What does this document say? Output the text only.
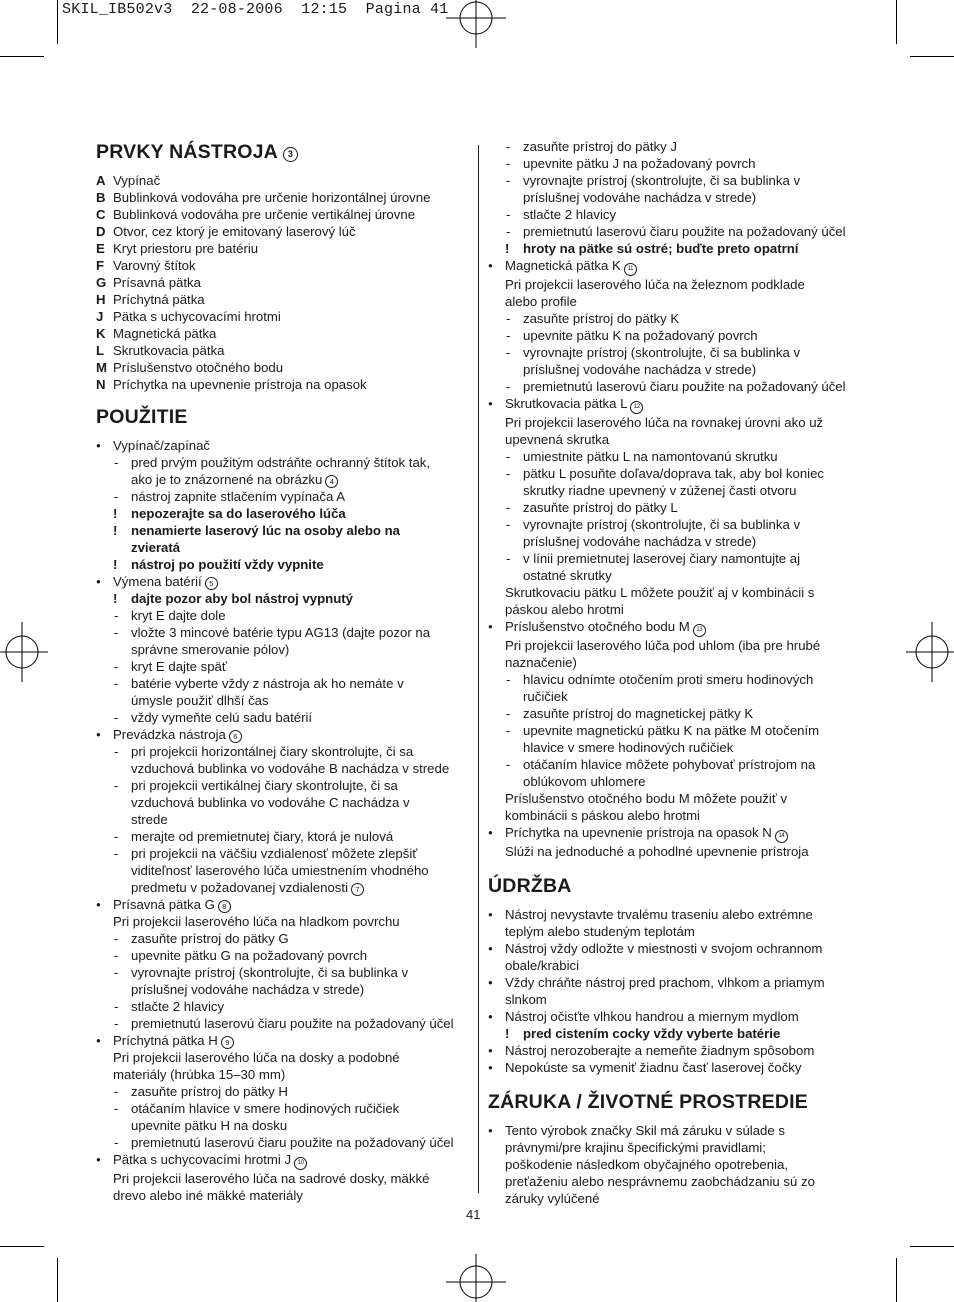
SKIL_IB502v3  22-08-2006  12:15  Pagina 41
PRVKY NÁSTROJA 3
A Vypínač
B Bublinková vodováha pre určenie horizontálnej úrovne
C Bublinková vodováha pre určenie vertikálnej úrovne
D Otvor, cez ktorý je emitovaný laserový lúč
E Kryt priestoru pre batériu
F Varovný štítok
G Prísavná pätka
H Príchytná pätka
J Pätka s uchycovacími hrotmi
K Magnetická pätka
L Skrutkovacia pätka
M Príslušenstvo otočného bodu
N Príchytka na upevnenie prístroja na opasok
POUŽITIE
● Vypínač/zapínač
- pred prvým použitým odstráňte ochranný štítok tak,
ako je to znázornené na obrázku 4
- nástroj zapnite stlačením vypínača A
! nepozerajte sa do laserového lúča
! nenamierte laserový lúc na osoby alebo na
zvieratá
! nástroj po použití vždy vypnite
● Výmena batérií 5
! dajte pozor aby bol nástroj vypnutý
- kryt E dajte dole
- vložte 3 mincové batérie typu AG13 (dajte pozor na
správne smerovanie pólov)
- kryt E dajte späť
- batérie vyberte vždy z nástroja ak ho nemáte v
úmysle použiť dlhší čas
- vždy vymeňte celú sadu batérií
● Prevádzka nástroja 6
- pri projekcii horizontálnej čiary skontrolujte, či sa
vzduchová bublinka vo vodováhe B nachádza v strede
- pri projekcii vertikálnej čiary skontrolujte, či sa
vzduchová bublinka vo vodováhe C nachádza v
strede
- merajte od premietnutej čiary, ktorá je nulová
- pri projekcii na väčšiu vzdialenosť môžete zlepšiť
viditeľnosť laserového lúča umiestnením vhodného
predmetu v požadovanej vzdialenosti 7
● Prísavná pätka G 8
Pri projekcii laserového lúča na hladkom povrchu
- zasuňte prístroj do pätky G
- upevnite pätku G na požadovaný povrch
- vyrovnajte prístroj (skontrolujte, či sa bublinka v
príslušnej vodováhe nachádza v strede)
- stlačte 2 hlavicy
- premietnutú laserovú čiaru použite na požadovaný účel
● Príchytná pätka H 9
Pri projekcii laserového lúča na dosky a podobné
materiály (hrúbka 15–30 mm)
- zasuňte prístroj do pätky H
- otáčaním hlavice v smere hodinových ručičiek
upevnite pätku H na dosku
- premietnutú laserovú čiaru použite na požadovaný účel
● Pätka s uchycovacími hrotmi J 10
Pri projekcii laserového lúča na sadrové dosky, mäkké
drevo alebo iné mäkké materiály
- zasuňte prístroj do pätky J
- upevnite pätku J na požadovaný povrch
- vyrovnajte prístroj (skontrolujte, či sa bublinka v
príslušnej vodováhe nachádza v strede)
- stlačte 2 hlavicy
- premietnutú laserovú čiaru použite na požadovaný účel
! hroty na pätke sú ostré; buďte preto opatrní
● Magnetická pätka K 11
Pri projekcii laserového lúča na železnom podklade
alebo profile
- zasuňte prístroj do pätky K
- upevnite pätku K na požadovaný povrch
- vyrovnajte prístroj (skontrolujte, či sa bublinka v
príslušnej vodováhe nachádza v strede)
- premietnutú laserovú čiaru použite na požadovaný účel
● Skrutkovacia pätka L 12
Pri projekcii laserového lúča na rovnakej úrovni ako už
upevnená skrutka
- umiestnite pätku L na namontovanú skrutku
- pätku L posuňte doľava/doprava tak, aby bol koniec
skrutky riadne upevnený v zúženej časti otvoru
- zasuňte prístroj do pätky L
- vyrovnajte prístroj (skontrolujte, či sa bublinka v
príslušnej vodováhe nachádza v strede)
- v línii premietnutej laserovej čiary namontujte aj
ostatné skrutky
Skrutkovaciu pätku L môžete použiť aj v kombinácii s
páskou alebo hrotmi
● Príslušenstvo otočného bodu M 13
Pri projekcii laserového lúča pod uhlom (iba pre hrubé
naznačenie)
- hlavicu odnímte otočením proti smeru hodinových
ručičiek
- zasuňte prístroj do magnetickej pätky K
- upevnite magnetickú pätku K na pätke M otočením
hlavice v smere hodinových ručičiek
- otáčaním hlavice môžete pohybovať prístrojom na
oblúkovom uhlomere
Príslušenstvo otočného bodu M môžete použiť v
kombinácii s páskou alebo hrotmi
● Príchytka na upevnenie prístroja na opasok N 14
Slúži na jednoduché a pohodlné upevnenie prístroja
ÚDRŽBA
● Nástroj nevystavte trvalému traseniu alebo extrémne
teplým alebo studeným teplotám
● Nástroj vždy odložte v miestnosti v svojom ochrannom
obale/krabici
● Vždy chráňte nástroj pred prachom, vlhkom a priamym
slnkom
● Nástroj očisťte vlhkou handrou a miernym mydlom
! pred cistením cocky vždy vyberte batérie
● Nástroj nerozoberajte a nemeňte žiadnym spôsobom
● Nepokúste sa vymeniť žiadnu časť laserovej čočky
ZÁRUKA / ŽIVOTNÉ PROSTREDIE
● Tento výrobok značky Skil má záruku v súlade s
právnymi/pre krajinu špecifickými pravidlami;
poškodenie následkom obyčajného opotrebenia,
preťaženiu alebo nesprávnemu zaobchádzaniu sú zo
záruky vylúčené
41
